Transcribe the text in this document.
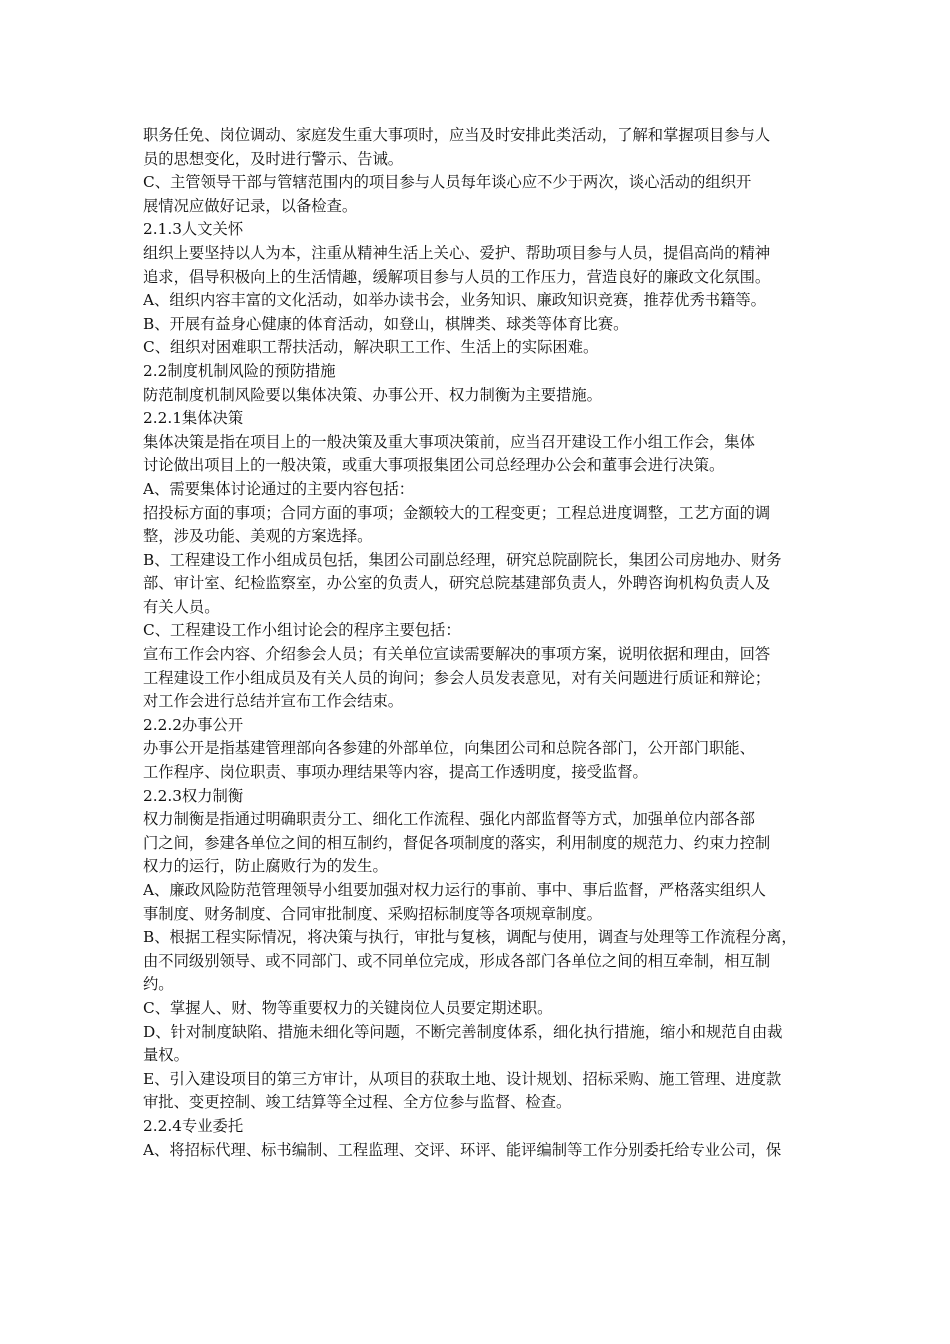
职务任免、岗位调动、家庭发生重大事项时，应当及时安排此类活动，了解和掌握项目参与人
员的思想变化，及时进行警示、告诫。
C、主管领导干部与管辖范围内的项目参与人员每年谈心应不少于两次，谈心活动的组织开
展情况应做好记录，以备检查。
2.1.3人文关怀
组织上要坚持以人为本，注重从精神生活上关心、爱护、帮助项目参与人员，提倡高尚的精神
追求，倡导积极向上的生活情趣，缓解项目参与人员的工作压力，营造良好的廉政文化氛围。
A、组织内容丰富的文化活动，如举办读书会，业务知识、廉政知识竞赛，推荐优秀书籍等。
B、开展有益身心健康的体育活动，如登山，棋牌类、球类等体育比赛。
C、组织对困难职工帮扶活动，解决职工工作、生活上的实际困难。
2.2制度机制风险的预防措施
防范制度机制风险要以集体决策、办事公开、权力制衡为主要措施。
2.2.1集体决策
集体决策是指在项目上的一般决策及重大事项决策前，应当召开建设工作小组工作会，集体
讨论做出项目上的一般决策，或重大事项报集团公司总经理办公会和董事会进行决策。
A、需要集体讨论通过的主要内容包括：
招投标方面的事项；合同方面的事项；金额较大的工程变更；工程总进度调整，工艺方面的调
整，涉及功能、美观的方案选择。
B、工程建设工作小组成员包括，集团公司副总经理，研究总院副院长，集团公司房地办、财务
部、审计室、纪检监察室，办公室的负责人，研究总院基建部负责人，外聘咨询机构负责人及
有关人员。
C、工程建设工作小组讨论会的程序主要包括：
宣布工作会内容、介绍参会人员；有关单位宣读需要解决的事项方案，说明依据和理由，回答
工程建设工作小组成员及有关人员的询问；参会人员发表意见，对有关问题进行质证和辩论；
对工作会进行总结并宣布工作会结束。
2.2.2办事公开
办事公开是指基建管理部向各参建的外部单位，向集团公司和总院各部门，公开部门职能、
工作程序、岗位职责、事项办理结果等内容，提高工作透明度，接受监督。
2.2.3权力制衡
权力制衡是指通过明确职责分工、细化工作流程、强化内部监督等方式，加强单位内部各部
门之间，参建各单位之间的相互制约，督促各项制度的落实，利用制度的规范力、约束力控制
权力的运行，防止腐败行为的发生。
A、廉政风险防范管理领导小组要加强对权力运行的事前、事中、事后监督，严格落实组织人
事制度、财务制度、合同审批制度、采购招标制度等各项规章制度。
B、根据工程实际情况，将决策与执行，审批与复核，调配与使用，调查与处理等工作流程分离，
由不同级别领导、或不同部门、或不同单位完成，形成各部门各单位之间的相互牵制，相互制
约。
C、掌握人、财、物等重要权力的关键岗位人员要定期述职。
D、针对制度缺陷、措施未细化等问题，不断完善制度体系，细化执行措施，缩小和规范自由裁
量权。
E、引入建设项目的第三方审计，从项目的获取土地、设计规划、招标采购、施工管理、进度款
审批、变更控制、竣工结算等全过程、全方位参与监督、检查。
2.2.4专业委托
A、将招标代理、标书编制、工程监理、交评、环评、能评编制等工作分别委托给专业公司，保
